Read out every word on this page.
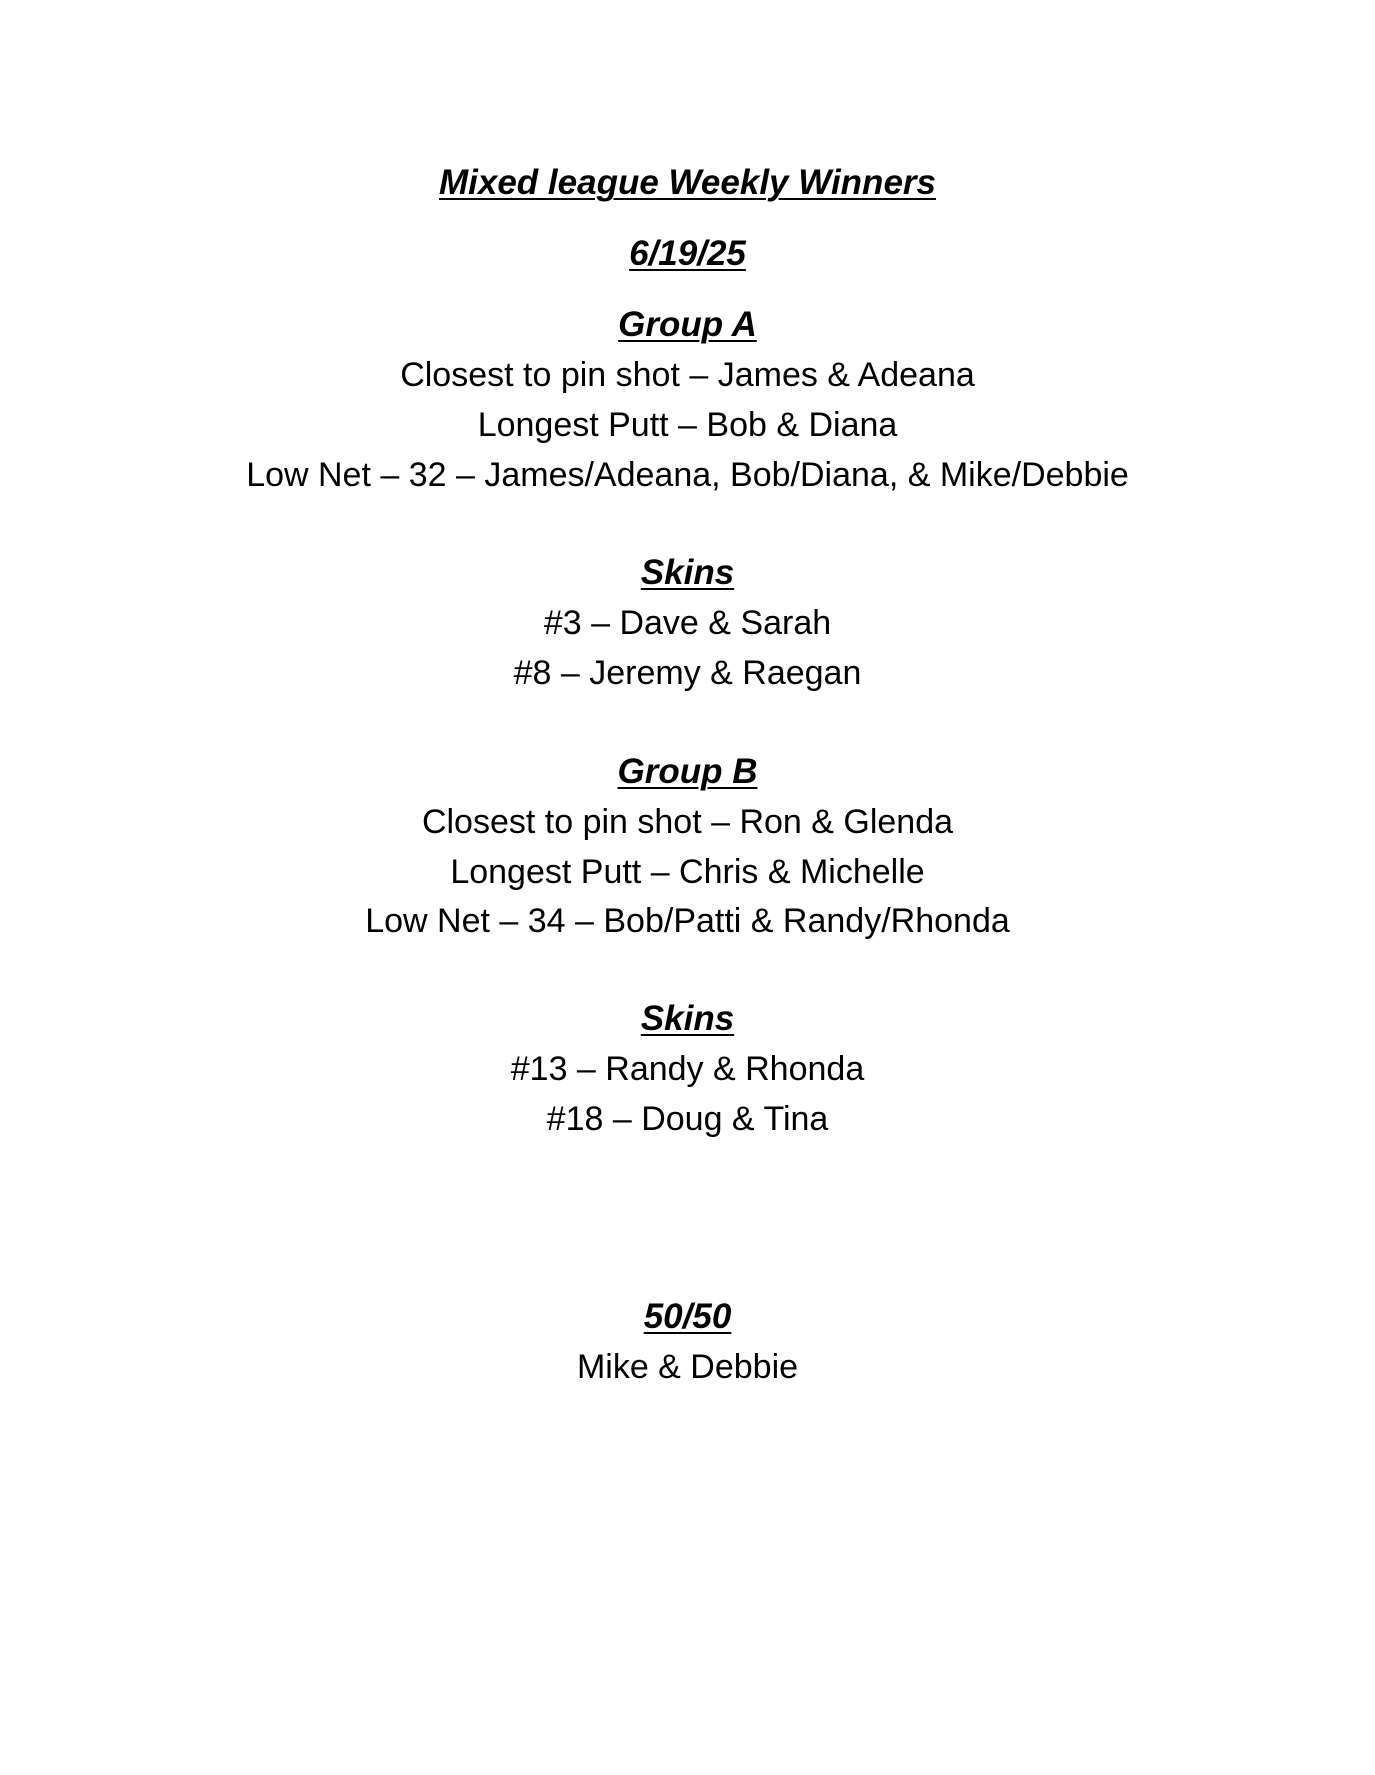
Mixed league Weekly Winners
6/19/25
Group A
Closest to pin shot – James & Adeana
Longest Putt – Bob & Diana
Low Net – 32 – James/Adeana, Bob/Diana, & Mike/Debbie
Skins
#3 – Dave & Sarah
#8 – Jeremy & Raegan
Group B
Closest to pin shot – Ron & Glenda
Longest Putt – Chris & Michelle
Low Net – 34 – Bob/Patti & Randy/Rhonda
Skins
#13 – Randy & Rhonda
#18 – Doug & Tina
50/50
Mike & Debbie
